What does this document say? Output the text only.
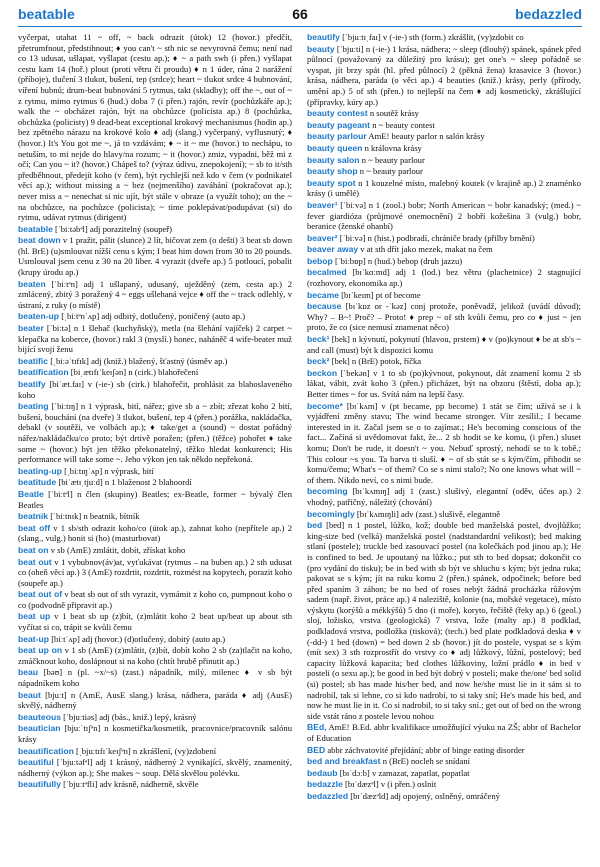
beatable	66	bedazzled
vyčerpat, utahat 11 ~ off, ~ back odrazit (útok) 12 (hovor.) předčít, přetrumfnout, předstihnout; ♦ you can't ~ sth nic se nevyrovná čemu; není nad co 13 udusat, ušlapat, vyšlapat (cestu ap.); ♦ ~ a path swh (i přen.) vyšlapat cestu kam 14 (hoř.) plout (proti větru či proudu) ♦ n 1 úder, rána 2 narážení (příboje), tlučení 3 tlukot, bušení, tep (srdce); heart ~ tlukot srdce 4 bubnování, víření bubnů; drum-beat bubnování 5 rytmus, takt (skladby); off the ~, out of ~ z rytmu, mimo rytmus 6 (hud.) doba 7 (i přen.) rajón, revír (pochůzkáře ap.); walk the ~ obcházet rajón, být na obchůzce (policista ap.) 8 (pochůzka, obchůzka (policisty) 9 dead-beat exceptional krokový mechanismus (hodin ap.) bez zpětného nárazu na krokové kolo ♦ adj (slang.) vyčerpaný, vyflusnutý; ♦ (hovor.) It's You got me ~, já to vzdávám; ♦ ~ it ~ me (hovor.) to nechápu, to netuším, to mi nejde do hlavy/na rozum; ~ it (hovor.) zmiz, vypadni, běž mi z očí; Can you ~ it? (hovor.) Chápeš to? (výraz údivu, znepokojení); ~ sb to it/sth předběhnout, předejít koho (v čem), být rychlejší než kdo v čem (v podnikatel věcí ap.); without missing a ~ bez (nejmenšího) zaváhání (pokračovat ap.); never miss a ~ nenechat si nic ujít, být stále v obraze (a využít toho); on the ~ na obchůzce, na pochůzce (policista); ~ time poklepávat/podupávat (si) do rytmu, udávat rytmus (dirigent)
beatable [ˈbiːtəbᵊl] adj porazitelný (soupeř)
beat down v 1 pražit, pálit (slunce) 2 lít, bičovat zem (o dešti) 3 beat sb down (hl. BrE) (u)smlouvat nížší cenu s kým; I beat him down from 30 to 20 pounds. Usmlouval jsem cenu z 30 na 20 liber. 4 vyrazit (dveře ap.) 5 potloucí, pobalit (krupy úrodu ap.)
beaten [ˈbiːtᵊn] adj 1 ušlapaný, udusaný, uježděný (zem, cesta ap.) 2 zmlácený, zbitý 3 poražený 4 ~ eggs ušlehaná vejce ♦ off the ~ track odlehlý, v ústraní, z ruky (o místě)
beaten-up [ˌbiːtᵊnˈʌp] adj odbitý, dotlučený, poničený (auto ap.)
beater [ˈbiːtə] n 1 šlehač (kuchyňský), metla (na šlehání vajíček) 2 carpet ~ klepačka na koberce, (hovor.) rakl 3 (myslí.) honec, naháněč 4 wife-beater muž bijící svoji ženu
beatific [ˌbiːəˈtɪfɪk] adj (kniž.) blažený, šťastný (úsměv ap.)
beatification [biˌætɪfɪˈkeɪʃən] n (cirk.) blahořečení
beatify [biˈæt.faɪ] v (-ie-) sb (cirk.) blahořečit, prohlásit za blahoslaveného koho
beating [ˈbiːtɪŋ] n 1 výprask, bití, nářez; give sb a ~ zbít; zřezat koho 2 bití, bušení, bouchání (na dveře) 3 tlukot, bušení, tep 4 (přen.) porážka, nakládačka, debakl (v soutěži, ve volbách ap.); ♦ take/get a (sound) ~ dostat pořádný nářez/nakládačku/co proto; být drtivě poražen; (přen.) (těžce) pohořet ♦ take some ~ (hovor.) být jen těžko překonatelný, těžko hledat konkurenci; His performance will take some ~. Jeho výkon jen tak někdo nepřekoná.
beating-up [ˌbiːtɪŋˈʌp] n výprask, bití
beatitude [biˈætɪˌtjuːd] n 1 blaženost 2 blahoordí
Beatle [ˈbiːtᵊl] n člen (skupiny) Beatles; ex-Beatle, former ~ bývalý člen Beatles
beatnik [ˈbiːtnɪk] n beatnik, bítník
beat off v 1 sb/sth odrazit koho/co (útok ap.), zahnat koho (nepřítele ap.) 2 (slang., vulg.) honit si (ho) (masturbovat)
beat on v sb (AmE) zmlátit, dobít, zřískat koho
beat out v 1 vybubnov(áv)at, vyťukávat (rytmus – na buben ap.) 2 sth udusat co (oheň věcí ap.) 3 (AmE) rozdrtit, rozdrtit, rozmést na kopytech, porazit koho (soupeře ap.)
beat out of v beat sb out of sth vyrazit, vymámit z koho co, pumpnout koho o co (podvodně připravit ap.)
beat up v 1 beat sb up (z)bít, (z)mlátit koho 2 beat up/beat up about sth vyčítat si co, trápit se kvůli čemu
beat-up [biːtˈʌp] adj (hovor.) (d)otlučený, dobitý (auto ap.)
beat up on v 1 sb (AmE) (z)mlátit, (z)bít, dobít koho 2 sb (za)tlačit na koho, zmáčknout koho, doslápnout si na koho (chtít hrubě přinutit ap.)
beau [bəʊ] n (pl. ~x/~s) (zast.) nápadník, milý, milenec ♦ v sb být nápadníkem koho
beaut [bjuːt] n (AmE, AusE slang.) krása, nádhera, paráda ♦ adj (AusE) skvělý, nádherný
beauteous [ˈbjuːtiəs] adj (bás., kniž.) lepý, krásný
beautician [bjuːˈtɪʃᵊn] n kosmetička/kosmetik, pracovnice/pracovník salónu krásy
beautification [ˌbjuːtɪfɪˈkeɪʃᵊn] n zkrášlení, (vy)zdobení
beautiful [ˈbjuːtəfᵊl] adj 1 krásný, nádherný 2 vynikající, skvělý, znamenitý, nádherný (výkon ap.); She makes ~ soup. Dělá skvělou polévku.
beautifully [ˈbjuːtᵊfli] adv krásně, nádherně, skvěle
beautify [ˈbjuːtɪˌfaɪ] v (-ie-) sth (form.) zkrášlit, (vy)zdobit co
beauty [ˈbjuːti] n (-ie-) 1 krása, nádhera; ~ sleep (dlouhý) spánek, spánek před půlnocí (považovaný za důležitý pro krásu); get one's ~ sleep pořádně se vyspat, jít brzy spát (hl. před půlnocí) 2 (pěkná žena) krasavice 3 (hovor.) krása, nádhera, paráda (o věci ap.) 4 beauties (kniž.) krásy, perly (přírody, umění ap.) 5 of sth (přen.) to nejlepší na čem ♦ adj kosmetický, zkrášlující (přípravky, kúry ap.)
beauty contest n soutěž krásy
beauty pageant n ~ beauty contest
beauty parlour AmE! beauty parlor n salón krásy
beauty queen n královna krásy
beauty salon n ~ beauty parlour
beauty shop n ~ beauty parlour
beauty spot n 1 kouzelné místo, malebný koutek (v krajině ap.) 2 znaménko krásy (i umělé)
beaver¹ [ˈbiːvə] n 1 (zool.) bobr; North American ~ bobr kanadský; (med.) ~ fever giardióza (průjmové onemocnění) 2 bobří kožešina 3 (vulg.) bobr, beranice (ženské ohanbí)
beaver² [ˈbiːvə] n (hist.) podbradí, chrániče brady (přilby brnění)
beaver away v at sth dřít jako mezek, makat na čem
bebop [ˈbiːbɒp] n (hud.) bebop (druh jazzu)
becalmed [bɪˈkɑːmd] adj 1 (lod.) bez větru (plachetnice) 2 stagnující (rozhovory, ekonomika ap.)
became [bɪˈkeɪm] pt of become
because [bɪˈkɒz or -ˈkəz] conj protože, poněvadž, jelikož (uvádí důvod); Why? – B~! Proč? – Proto! ♦ prep ~ of sth kvůli čemu, pro co ♦ just ~ jen proto, že co (sice nemusí znamenat něco)
beck¹ [bek] n kývnutí, pokynutí (hlavou, prstem) ♦ v (po)kynout ♦ be at sb's ~ and call (must) být k dispozici komu
beck² [bek] n (BrE) potok, říčka
beckon [ˈbekən] v 1 to sb (po)kývnout, pokynout, dát znamení komu 2 sb lákat, vábit, zvát koho 3 (přen.) přicházet, být na obzoru (štěstí, doba ap.); Better times ~ for us. Svítá nám na lepší časy.
become* [bɪˈkʌm] v (pt became, pp become) 1 stát se čím; užívá se i k vyjádření změny stavu; The wind became stronger. Vítr zesílil.; I became interested in it. Začal jsem se o to zajímat.; He's becoming conscious of the fact... Začíná si uvědomovat fakt, že... 2 sb hodit se ke komu, (i přen.) sluset komu; Don't be rude, it doesn't ~ you. Nebuď sprostý, nehodí se to k tobě.; This colour ~s you. Ta barva ti sluší. ♦ ~ of sb stát se s kým/čím, přihodit se komu/čemu; What's ~ of them? Co se s nimi stalo?; No one knows what will ~ of them. Nikdo neví, co s nimi bude.
becoming [bɪˈkʌmɪŋ] adj 1 (zast.) slušivý, elegantní (oděv, účes ap.) 2 vhodný, patřičný, náležitý (chování)
becomingly [bɪˈkʌmɪŋli] adv (zast.) slušivě, elegantně
bed [bed] n 1 postel, lůžko, kož; double bed manželská postel, dvojlůžko; king-size bed (velká) manželská postel (nadstandardní velikost); bed making stlaní (postele); truckle bed zasouvací postel (na kolečkách pod jinou ap.); He is confined to bed. Je upoutaný na lůžko.; put sth to bed dopsat; dokončit co (pro vydání do tisku); be in bed with sb být ve shluchu s kým; být jedna ruka; pakovat se s kým; jít na ruku komu 2 (přen.) spánek, odpočinek; before bed před spaním 3 záhon; be no bed of roses nebýt žádná procházka růžovým sadem (např. život, práce ap.) 4 naleziště, kolonie (na, mořské vegetace), místo výskytu (korýšů a mékkýšů) 5 dno (i moře), koryto, řečiště (řeky ap.) 6 (geol.) sloj, ložisko, vrstva (geologická) 7 vrstva, lože (malty ap.) 8 podklad, podkladová vrstva, podložka (tisková); (tech.) bed plate podkladová deska ♦ v (-dd-) 1 bed (down) = bed down 2 sb (hovor.) jít do postele, vyspat se s kým (mít sex) 3 sth rozprostřít do vrstvy co ♦ adj lůžkový, lůžní, postelový; bed capacity lůžková kapacita; bed clothes lůžkoviny, ložní prádlo ♦ in bed v posteli (o sexu ap.); be good in bed být dobrý v posteli; make the/one' bed solid (si) postel; sb has made his/her bed, and now he/she must lie in it sám si to nadrobil, tak si lehne, co si kdo nadrobí, to si taky sní; He's made his bed, and now he must lie in it. Co si nadrobil, to si taky sní.; get out of bed on the wrong side vstát ráno z postele levou nohou
BEd, AmE! B.Ed. abbr kvalifikace umožňující výuku na ZŠ; abbr of Bachelor of Education
BED abbr záchvatovité přejídání; abbr of binge eating disorder
bed and breakfast n (BrE) nocleh se snídaní
bedaub [bɪˈdɔːb] v zamazat, zapatlat, popatlat
bedazzle [bɪˈdæzᵊl] v (i přen.) oslnit
bedazzled [bɪˈdæzᵊld] adj opojený, oslněný, omráčený
